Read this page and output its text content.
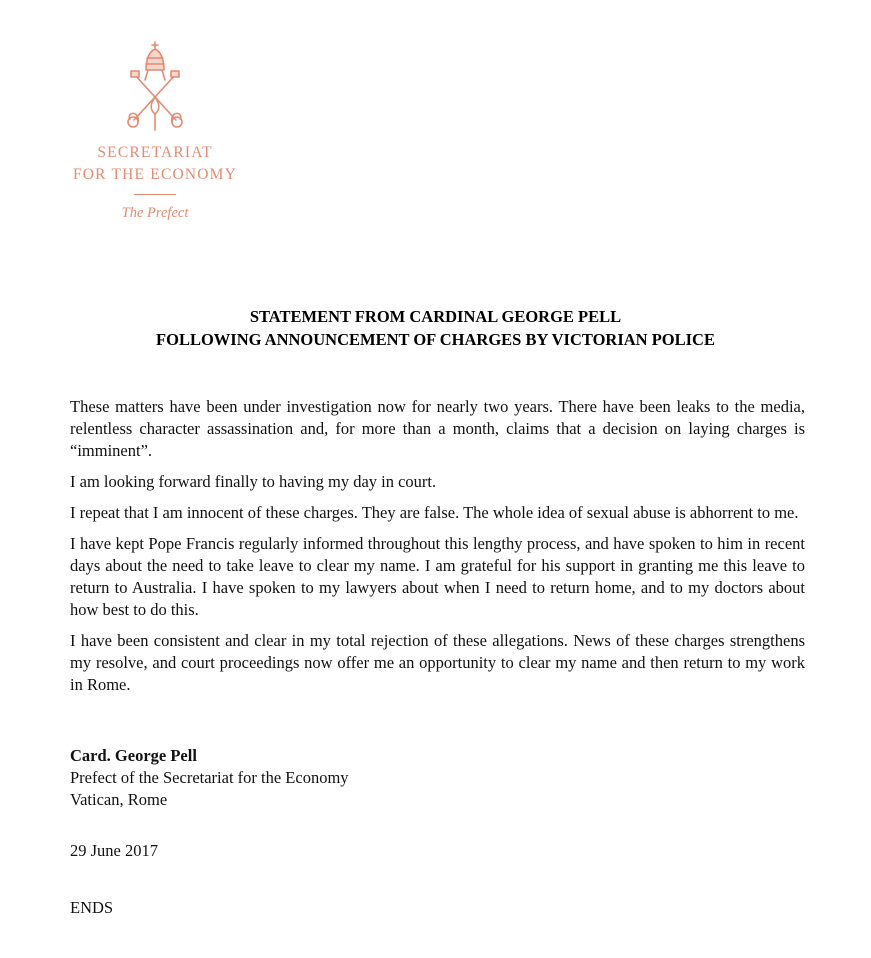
SECRETARIAT
FOR THE ECONOMY
The Prefect
STATEMENT FROM CARDINAL GEORGE PELL
FOLLOWING ANNOUNCEMENT OF CHARGES BY VICTORIAN POLICE

These matters have been under investigation now for nearly two years. There have been leaks to the media, relentless character assassination and, for more than a month, claims that a decision on laying charges is “imminent”.

I am looking forward finally to having my day in court.

I repeat that I am innocent of these charges. They are false. The whole idea of sexual abuse is abhorrent to me.

I have kept Pope Francis regularly informed throughout this lengthy process, and have spoken to him in recent days about the need to take leave to clear my name. I am grateful for his support in granting me this leave to return to Australia. I have spoken to my lawyers about when I need to return home, and to my doctors about how best to do this.

I have been consistent and clear in my total rejection of these allegations. News of these charges strengthens my resolve, and court proceedings now offer me an opportunity to clear my name and then return to my work in Rome.

Card. George Pell
Prefect of the Secretariat for the Economy
Vatican, Rome
29 June 2017
ENDS
